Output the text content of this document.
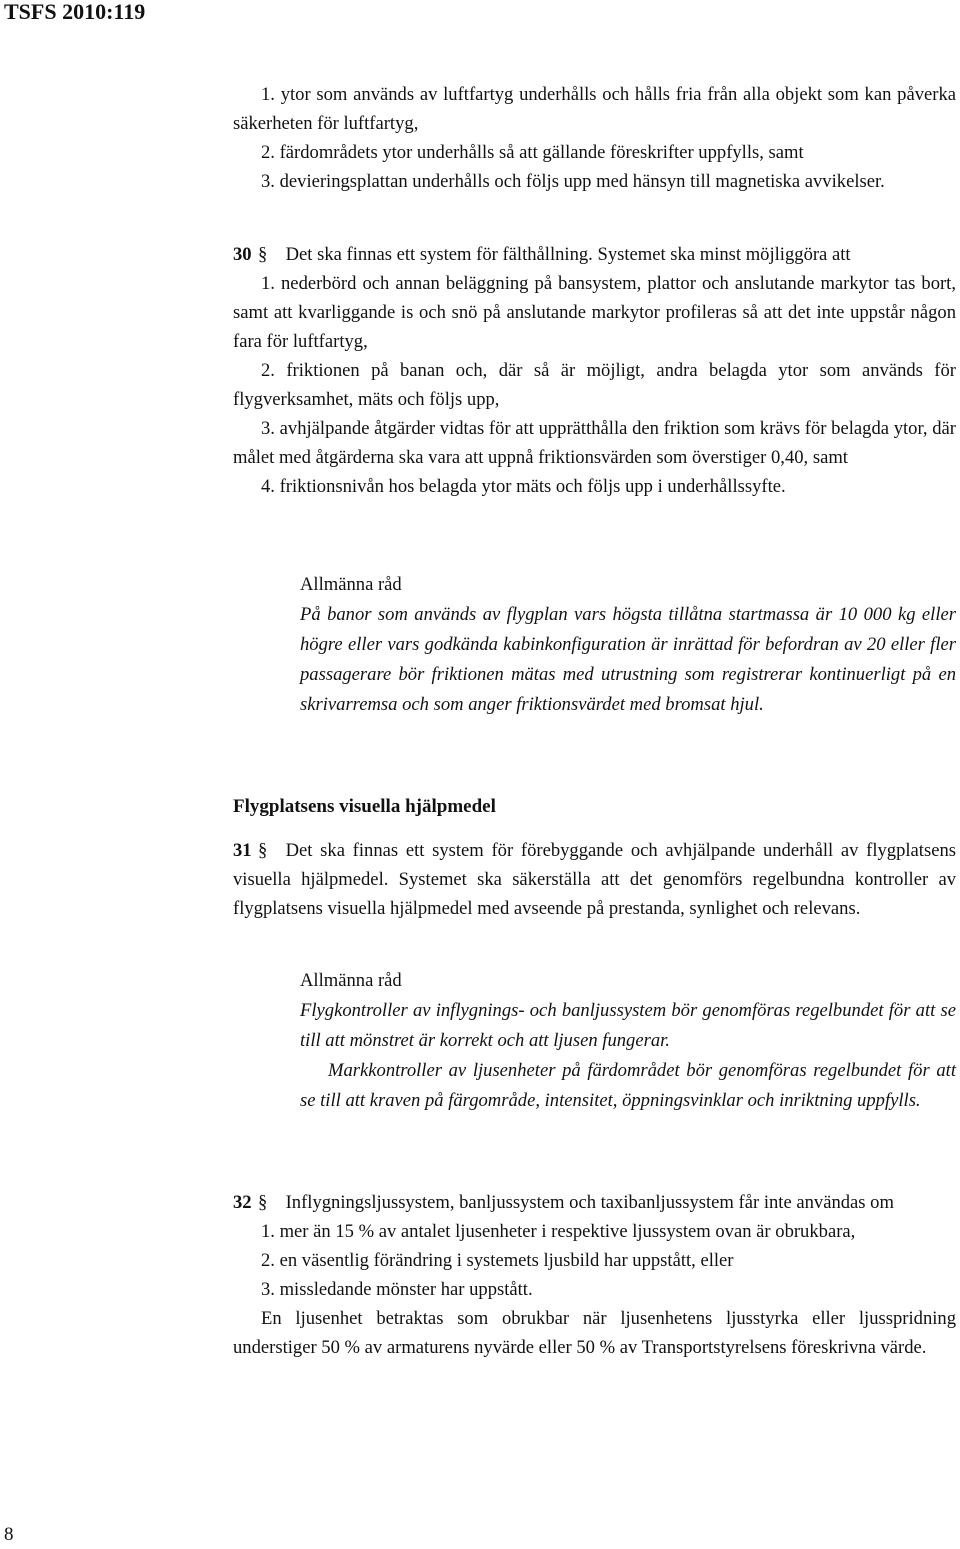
TSFS 2010:119

1. ytor som används av luftfartyg underhålls och hålls fria från alla objekt som kan påverka säkerheten för luftfartyg,

2. färdområdets ytor underhålls så att gällande föreskrifter uppfylls, samt

3. devieringsplattan underhålls och följs upp med hänsyn till magnetiska avvikelser.

30 § Det ska finnas ett system för fälthållning. Systemet ska minst möjliggöra att

1. nederbörd och annan beläggning på bansystem, plattor och anslutande markytor tas bort, samt att kvarliggande is och snö på anslutande markytor profileras så att det inte uppstår någon fara för luftfartyg,

2. friktionen på banan och, där så är möjligt, andra belagda ytor som används för flygverksamhet, mäts och följs upp,

3. avhjälpande åtgärder vidtas för att upprätthålla den friktion som krävs för belagda ytor, där målet med åtgärderna ska vara att uppnå friktionsvärden som överstiger 0,40, samt

4. friktionsnivån hos belagda ytor mäts och följs upp i underhållssyfte.

Allmänna råd

På banor som används av flygplan vars högsta tillåtna startmassa är 10 000 kg eller högre eller vars godkända kabinkonfiguration är inrättad för befordran av 20 eller fler passagerare bör friktionen mätas med utrustning som registrerar kontinuerligt på en skrivarremsa och som anger friktionsvärdet med bromsat hjul.

Flygplatsens visuella hjälpmedel

31 § Det ska finnas ett system för förebyggande och avhjälpande underhåll av flygplatsens visuella hjälpmedel. Systemet ska säkerställa att det genomförs regelbundna kontroller av flygplatsens visuella hjälpmedel med avseende på prestanda, synlighet och relevans.

Allmänna råd

Flygkontroller av inflygnings- och banljussystem bör genomföras regelbundet för att se till att mönstret är korrekt och att ljusen fungerar.

Markkontroller av ljusenheter på färdområdet bör genomföras regelbundet för att se till att kraven på färgområde, intensitet, öppningsvinklar och inriktning uppfylls.

32 § Inflygningsljussystem, banljussystem och taxibanljussystem får inte användas om

1. mer än 15 % av antalet ljusenheter i respektive ljussystem ovan är obrukbara,

2. en väsentlig förändring i systemets ljusbild har uppstått, eller

3. missledande mönster har uppstått.

En ljusenhet betraktas som obrukbar när ljusenhetens ljusstyrka eller ljusspridning understiger 50 % av armaturens nyvärde eller 50 % av Transportstyrelsens föreskrivna värde.

8
